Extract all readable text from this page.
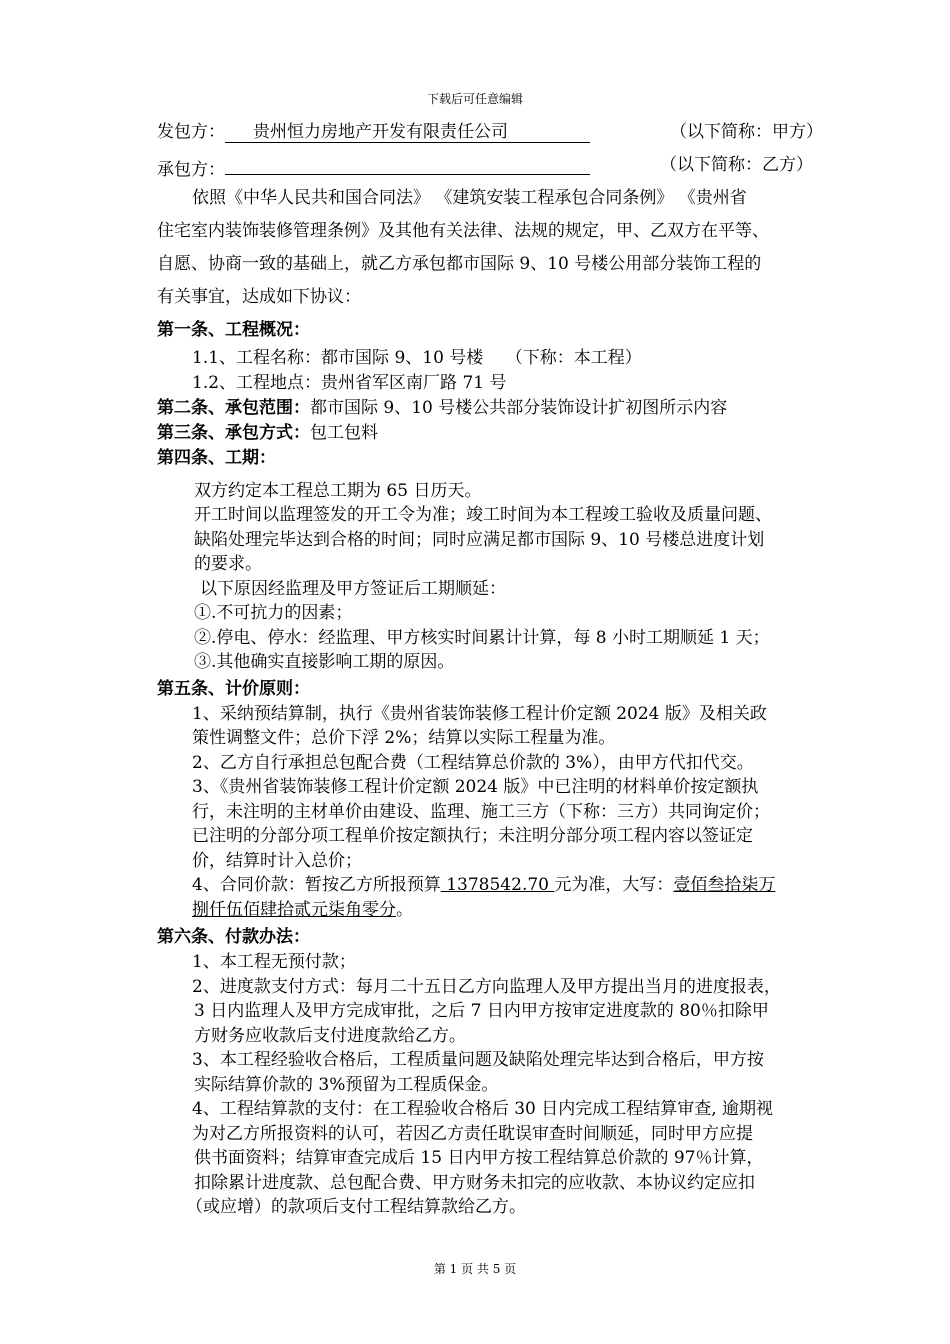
下载后可任意编辑
发包方： 贵州恒力房地产开发有限责任公司	（以下简称：甲方）
承包方：	（以下简称：乙方）
依照《中华人民共和国合同法》 《建筑安装工程承包合同条例》 《贵州省
住宅室内装饰装修管理条例》及其他有关法律、法规的规定，甲、乙双方在平等、
自愿、协商一致的基础上，就乙方承包都市国际 9、10 号楼公用部分装饰工程的
有关事宜，达成如下协议：
第一条、工程概况：
1.1、工程名称：都市国际 9、10 号楼　 （下称：本工程）
1.2、工程地点：贵州省军区南厂路 71 号
第二条、承包范围：都市国际 9、10 号楼公共部分装饰设计扩初图所示内容
第三条、承包方式：包工包料
第四条、工期：
双方约定本工程总工期为 65 日历天。
开工时间以监理签发的开工令为准；竣工时间为本工程竣工验收及质量问题、
缺陷处理完毕达到合格的时间；同时应满足都市国际 9、10 号楼总进度计划
的要求。
以下原因经监理及甲方签证后工期顺延：
①.不可抗力的因素；
②.停电、停水：经监理、甲方核实时间累计计算，每 8 小时工期顺延 1 天；
③.其他确实直接影响工期的原因。
第五条、计价原则：
1、采纳预结算制，执行《贵州省装饰装修工程计价定额 2024 版》及相关政
策性调整文件；总价下浮 2%；结算以实际工程量为准。
2、乙方自行承担总包配合费（工程结算总价款的 3%），由甲方代扣代交。
3、《贵州省装饰装修工程计价定额 2024 版》中已注明的材料单价按定额执
行，未注明的主材单价由建设、监理、施工三方（下称：三方）共同询定价；
已注明的分部分项工程单价按定额执行；未注明分部分项工程内容以签证定
价，结算时计入总价；
4、合同价款：暂按乙方所报预算 1378542.70 元为准，大写：壹佰叁拾柒万
捌仟伍佰肆拾贰元柒角零分。
第六条、付款办法：
1、本工程无预付款；
2、进度款支付方式：每月二十五日乙方向监理人及甲方提出当月的进度报表，
3 日内监理人及甲方完成审批，之后 7 日内甲方按审定进度款的 80％扣除甲
方财务应收款后支付进度款给乙方。
3、本工程经验收合格后，工程质量问题及缺陷处理完毕达到合格后，甲方按
实际结算价款的 3%预留为工程质保金。
4、工程结算款的支付：在工程验收合格后 30 日内完成工程结算审查, 逾期视
为对乙方所报资料的认可，若因乙方责任耽误审查时间顺延，同时甲方应提
供书面资料；结算审查完成后 15 日内甲方按工程结算总价款的 97％计算，
扣除累计进度款、总包配合费、甲方财务未扣完的应收款、本协议约定应扣
（或应增）的款项后支付工程结算款给乙方。
第 1 页 共 5 页
